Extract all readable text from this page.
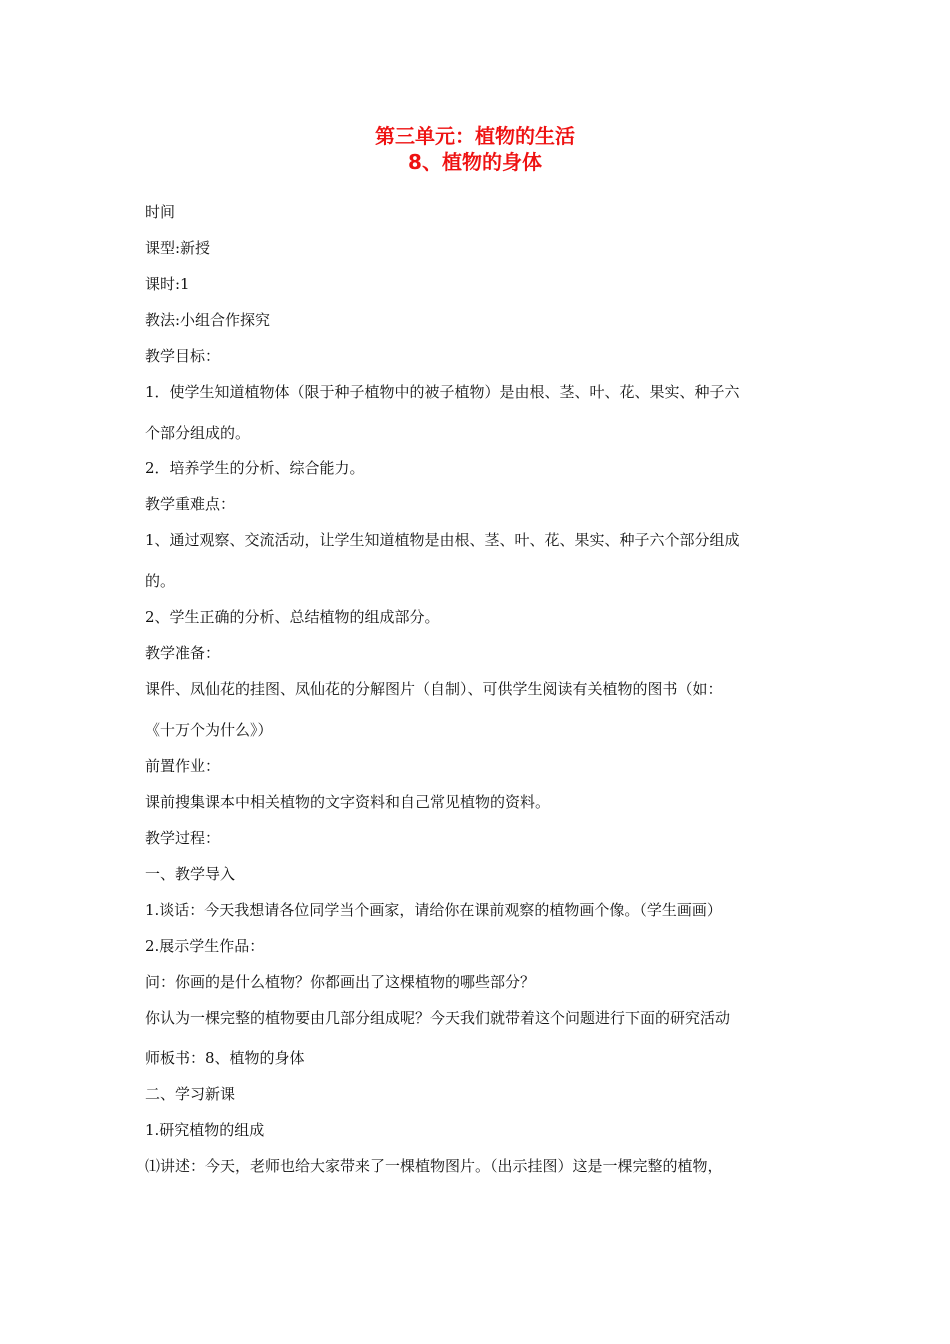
第三单元：植物的生活
8、植物的身体
时间
课型:新授
课时:1
教法:小组合作探究
教学目标：
1．使学生知道植物体（限于种子植物中的被子植物）是由根、茎、叶、花、果实、种子六
个部分组成的。
2．培养学生的分析、综合能力。
教学重难点：
1、通过观察、交流活动，让学生知道植物是由根、茎、叶、花、果实、种子六个部分组成
的。
2、学生正确的分析、总结植物的组成部分。
教学准备：
课件、凤仙花的挂图、凤仙花的分解图片（自制）、可供学生阅读有关植物的图书（如：
《十万个为什么》）
前置作业：
课前搜集课本中相关植物的文字资料和自己常见植物的资料。
教学过程：
一、教学导入
1.谈话：今天我想请各位同学当个画家，请给你在课前观察的植物画个像。（学生画画）
2.展示学生作品：
问：你画的是什么植物？你都画出了这棵植物的哪些部分？
你认为一棵完整的植物要由几部分组成呢？今天我们就带着这个问题进行下面的研究活动
师板书：8、植物的身体
二、学习新课
1.研究植物的组成
⑴讲述：今天，老师也给大家带来了一棵植物图片。（出示挂图）这是一棵完整的植物，
